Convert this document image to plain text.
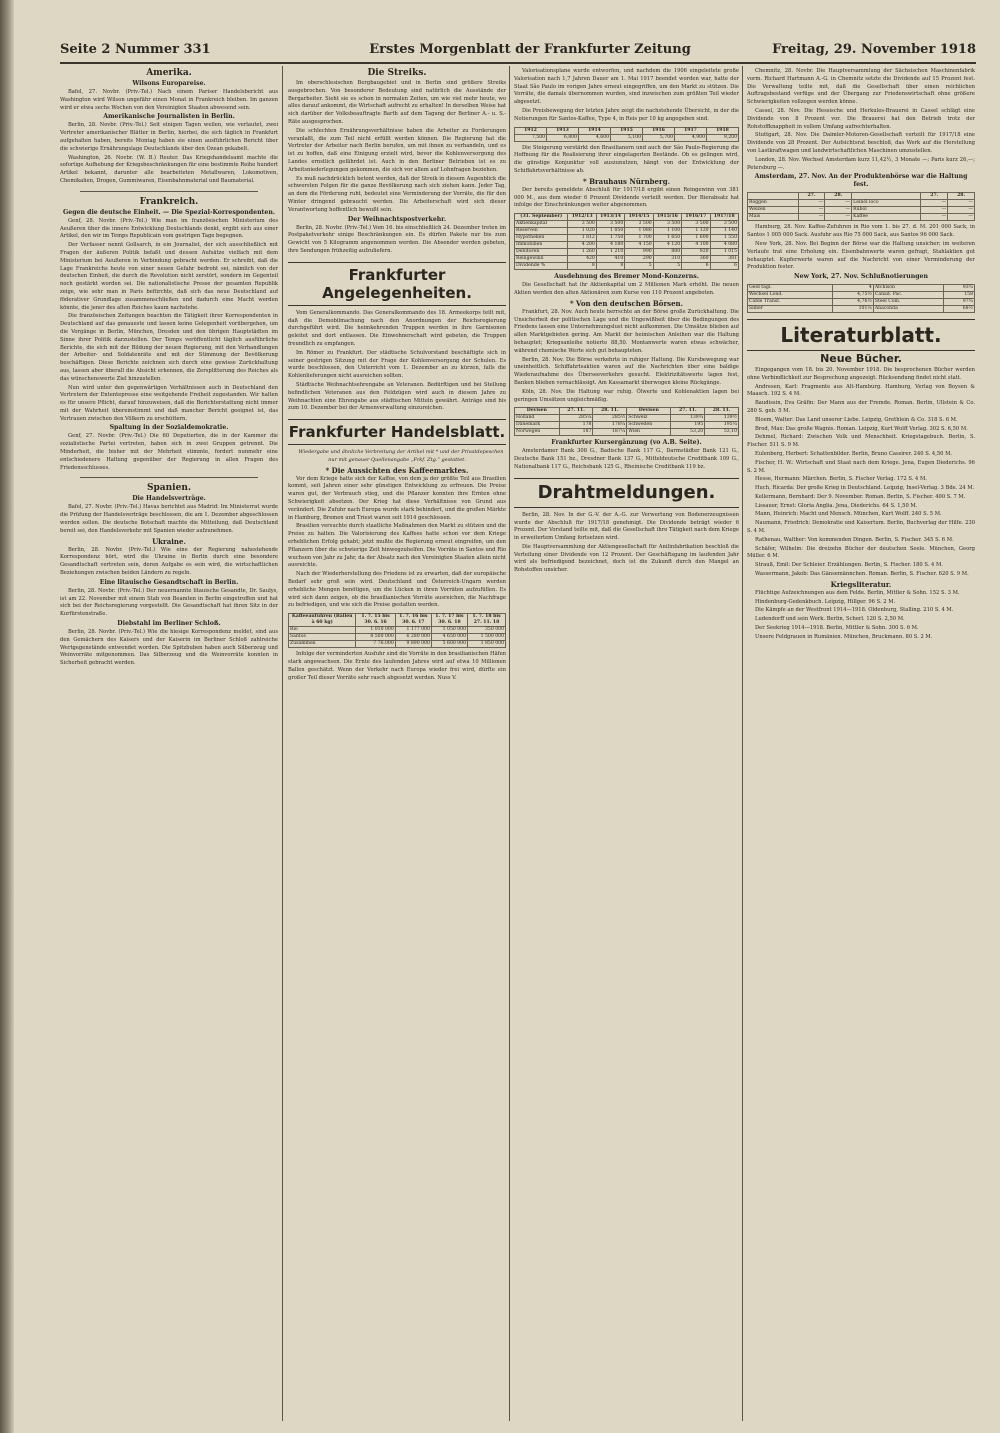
Seite 2 Nummer 331	Erstes Morgenblatt der Frankfurter Zeitung	Freitag, 29. November 1918

Amerika.

Wilsons Europareise.

Bafel, 27. Novbr. (Priv.-Tel.) Nach einem Pariser Handelsbericht aus Washington wird Wilson ungefähr einen Monat in Frankreich bleiben. Im ganzen wird er etwa sechs Wochen von den Vereinigten Staaten abwesend sein.

Amerikanische Journalisten in Berlin.

Berlin, 28. Novbr. (Priv.-Tel.) Seit einigen Tagen weilen, wie verlautet, zwei Vertreter amerikanischer Blätter in Berlin, hierbei, die sich täglich in Frankfurt aufgehalten haben, bereits Montag haben sie einen ausführlichen Bericht über die schwierige Ernährungslage Deutschlands über den Ozean gekabelt.

Washington, 26. Novbr. (W. B.) Reuter. Das Kriegshandelsamt machte die sofortige Aufhebung der Kriegsbeschränkungen für eine bestimmte Reihe hundert Artikel bekannt, darunter alle bearbeiteten Metallwaren, Lokomotiven, Chemikalien, Drogen, Gummiwaren, Eisenbahnmaterial und Baumaterial.

Frankreich.

Gegen die deutsche Einheit. — Die Spezial-Korrespondenten.

Genf, 28. Novbr. (Priv.-Tel.) Wie man im französischen Ministerium des Aeußeren über die innere Entwicklung Deutschlands denkt, ergibt sich aus einer Artikel, den wir im Temps Republicain vom gestrigen Tage begegnen.

Der Verfasser nennt Gollsarch, in ein Journalist, der sich ausschließlich mit Fragen der äußeren Politik befaßt und dessen Aufsätze vielfach mit dem Ministerium bei Aeußeren in Verbindung gebracht werden. Er schreibt, daß die Lage Frankreichs heute von einer neuen Gefahr bedroht sei, nämlich von der deutschen Einheit, die durch die Revolution nicht zerstört, sondern im Gegenteil noch gestärkt worden sei. Die nationalistische Presse der gesamten Republik zeige, wie sehr man in Paris befürchte, daß sich das neue Deutschland auf föderativer Grundlage zusammenschließen und dadurch eine Macht werden könnte, die jener des alten Reiches kaum nachstehe.

Die französischen Zeitungen beachten die Tätigkeit ihrer Korrespondenten in Deutschland auf das genaueste und lassen keine Gelegenheit vorübergehen, um die Vorgänge in Berlin, München, Dresden und den übrigen Hauptstädten im Sinne ihrer Politik darzustellen. Der Temps veröffentlicht täglich ausführliche Berichte, die sich mit der Bildung der neuen Regierung, mit den Verhandlungen der Arbeiter- und Soldatenräte und mit der Stimmung der Bevölkerung beschäftigen. Diese Berichte zeichnen sich durch eine gewisse Zurückhaltung aus, lassen aber überall die Absicht erkennen, die Zersplitterung des Reiches als das wünschenswerte Ziel hinzustellen.

Nun wird unter den gegenwärtigen Verhältnissen auch in Deutschland den Vertretern der Ententepresse eine weitgehende Freiheit zugestanden. Wir halten es für unsere Pflicht, darauf hinzuweisen, daß die Berichterstattung nicht immer mit der Wahrheit übereinstimmt und daß mancher Bericht geeignet ist, das Vertrauen zwischen den Völkern zu erschüttern.

Spaltung in der Sozialdemokratie.

Genf, 27. Novbr. (Priv.-Tel.) Die 60 Deputierten, die in der Kammer die sozialistische Partei vertreten, haben sich in zwei Gruppen getrennt. Die Minderheit, die bisher mit der Mehrheit stimmte, fordert nunmehr eine entschiedenere Haltung gegenüber der Regierung in allen Fragen des Friedensschlusses.

Spanien.

Die Handelsverträge.

Bafel, 27. Novbr. (Priv.-Tel.) Havas berichtet aus Madrid: Im Ministerrat wurde die Prüfung der Handelsverträge beschlossen, die am 1. Dezember abgeschlossen werden sollen. Die deutsche Botschaft machte die Mitteilung, daß Deutschland bereit sei, den Handelsverkehr mit Spanien wieder aufzunehmen.

Ukraine.

Berlin, 28. Novbr. (Priv.-Tel.) Wie eine der Regierung nahestehende Korrespondenz hört, wird die Ukraine in Berlin durch eine besondere Gesandtschaft vertreten sein, deren Aufgabe es sein wird, die wirtschaftlichen Beziehungen zwischen beiden Ländern zu regeln.

Eine litauische Gesandtschaft in Berlin.

Berlin, 28. Novbr. (Priv.-Tel.) Der neuernannte litauische Gesandte, Dr. Saulys, ist am 22. November mit einem Stab von Beamten in Berlin eingetroffen und hat sich bei der Reichsregierung vorgestellt. Die Gesandtschaft hat ihren Sitz in der Kurfürstenstraße.

Diebstahl im Berliner Schloß.

Berlin, 28. Novbr. (Priv.-Tel.) Wie die hiesige Korrespondenz meldet, sind aus den Gemächern des Kaisers und der Kaiserin im Berliner Schloß zahlreiche Wertgegenstände entwendet worden. Die Spitzbuben haben auch Silberzeug und Weinvorräte mitgenommen. Das Silberzeug und die Weinvorräte konnten in Sicherheit gebracht werden.

Die Streiks.

Im oberschlesischen Bergbaugebiet und in Berlin sind größere Streiks ausgebrochen. Von besonderer Bedeutung sind natürlich die Ausstände der Bergarbeiter. Sieht sie es schon in normalen Zeiten, um wie viel mehr heute, wo alles darauf ankommt, die Wirtschaft aufrecht zu erhalten! In derselben Weise hat sich darüber der Volksbeauftragte Barth auf dem Tagung der Berliner A.- u. S.-Räte ausgesprochen.

Die schlechten Ernährungsverhältnisse haben die Arbeiter zu Forderungen veranlaßt, die zum Teil nicht erfüllt werden können. Die Regierung hat die Vertreter der Arbeiter nach Berlin berufen, um mit ihnen zu verhandeln, und es ist zu hoffen, daß eine Einigung erzielt wird, bevor die Kohlenversorgung des Landes ernstlich gefährdet ist. Auch in den Berliner Betrieben ist es zu Arbeitsniederlegungen gekommen, die sich vor allem auf Lohnfragen beziehen.

Es muß nachdrücklich betont werden, daß der Streik in diesem Augenblick die schwersten Folgen für die ganze Bevölkerung nach sich ziehen kann. Jeder Tag, an dem die Förderung ruht, bedeutet eine Verminderung der Vorräte, die für den Winter dringend gebraucht werden. Die Arbeiterschaft wird sich dieser Verantwortung hoffentlich bewußt sein.

Der Weihnachtspostverkehr.

Berlin, 28. Novbr. (Priv.-Tel.) Vom 16. bis einschließlich 24. Dezember treten im Postpaketverkehr einige Beschränkungen ein. Es dürfen Pakete nur bis zum Gewicht von 5 Kilogramm angenommen werden. Die Absender werden gebeten, ihre Sendungen frühzeitig aufzuliefern.

Frankfurter Angelegenheiten.

Vom Generalkommando. Das Generalkommando des 18. Armeekorps teilt mit, daß die Demobilmachung nach den Anordnungen der Reichsregierung durchgeführt wird. Die heimkehrenden Truppen werden in ihre Garnisonen geleitet und dort entlassen. Die Einwohnerschaft wird gebeten, die Truppen freundlich zu empfangen.

Im Römer zu Frankfurt. Der städtische Schulvorstand beschäftigte sich in seiner gestrigen Sitzung mit der Frage der Kohlenversorgung der Schulen. Es wurde beschlossen, den Unterricht vom 1. Dezember an zu kürzen, falls die Kohlenlieferungen nicht ausreichen sollten.

Städtische Weihnachtsehrengabe an Veteranen. Bedürftigen und bei Stellung befindlichen Veteranen aus den Feldzügen wird auch in diesem Jahre zu Weihnachten eine Ehrengabe aus städtischen Mitteln gewährt. Anträge sind bis zum 10. Dezember bei der Armenverwaltung einzureichen.

Frankfurter Handelsblatt.

Wiedergabe und ähnliche Verbreitung der Artikel mit * und der Privatdepeschen nur mit genauer Quellenangabe „Frkf. Ztg.“ gestattet.

* Die Aussichten des Kaffeemarktes.

Vor dem Kriege hatte sich der Kaffee, von dem ja der größte Teil aus Brasilien kommt, seit Jahren einer sehr günstigen Entwicklung zu erfreuen. Die Preise waren gut, der Verbrauch stieg, und die Pflanzer konnten ihre Ernten ohne Schwierigkeit absetzen. Der Krieg hat diese Verhältnisse von Grund aus verändert. Die Zufuhr nach Europa wurde stark behindert, und die großen Märkte in Hamburg, Bremen und Triest waren seit 1914 geschlossen.

Brasilien versuchte durch staatliche Maßnahmen den Markt zu stützen und die Preise zu halten. Die Valorisierung des Kaffees hatte schon vor dem Kriege erheblichen Erfolg gehabt; jetzt mußte die Regierung erneut eingreifen, um den Pflanzern über die schwierige Zeit hinwegzuhelfen. Die Vorräte in Santos und Rio wuchsen von Jahr zu Jahr, da der Absatz nach den Vereinigten Staaten allein nicht ausreichte.

Nach der Wiederherstellung des Friedens ist zu erwarten, daß der europäische Bedarf sehr groß sein wird. Deutschland und Österreich-Ungarn werden erhebliche Mengen benötigen, um die Lücken in ihren Vorräten aufzufüllen. Es wird sich dann zeigen, ob die brasilianischen Vorräte ausreichen, die Nachfrage zu befriedigen, und wie sich die Preise gestalten werden.

Kaffeeaufuhren (Ballen à 60 kg)	1. 7. 15 bis 30. 6. 16	1. 7. 16 bis 30. 6. 17	1. 7. 17 bis 30. 6. 18	1. 7. 18 bis 27. 11. 18
Rio	1 010 000	1 177 000	1 050 000	350 000
Santos	8 500 000	6 280 000	4 650 000	1 500 000
Zusammen	7 76.000	9 890 000	5 600 000	1 850 000

Infolge der verminderten Ausfuhr sind die Vorräte in den brasilianischen Häfen stark angewachsen. Die Ernte des laufenden Jahres wird auf etwa 10 Millionen Ballen geschätzt. Wenn der Verkehr nach Europa wieder frei wird, dürfte ein großer Teil dieser Vorräte sehr rasch abgesetzt werden. Nuss V.

Valorisationsplane wurde entworfen, und nachdem die 1906 eingeleitete große Valorisation nach 1,7 Jahren Dauer am 1. Mai 1917 beendet worden war, hatte der Staat São Paulo im vorigen Jahre erneut eingegriffen, um den Markt zu stützen. Die Vorräte, die damals übernommen wurden, sind inzwischen zum größten Teil wieder abgesetzt.

Die Preisbewegung der letzten Jahre zeigt die nachstehende Übersicht, in der die Notierungen für Santos-Kaffee, Type 4, in Reis per 10 kg angegeben sind.

1912	1913	1914	1915	1916	1917	1918
7,500	6,800	4,600	5,100	5,700	4,900	9,200

Die Steigerung verstärkt den Brasilianern und auch der São Paulo-Regierung die Hoffnung für die Realisierung ihrer eingelagerten Bestände. Ob es gelingen wird, die günstige Konjunktur voll auszunutzen, hängt von der Entwicklung der Schiffahrtsverhältnisse ab.

* Brauhaus Nürnberg.

Der bereits gemeldete Abschluß für 1917/18 ergibt einen Reingewinn von 381 000 M., aus dem wieder 6 Prozent Dividende verteilt werden. Der Bierabsatz hat infolge der Einschränkungen weiter abgenommen.

(31. September)	1912/13	1913/14	1914/15	1915/16	1916/17	1917/18
Aktienkapital	3 500	3 500	3 500	3 500	3 500	3 500
Reserven	1 020	1 050	1 080	1 100	1 120	1 140
Hypotheken	1 812	1 750	1 700	1 650	1 600	1 550
Immobilien	4 200	4 180	4 150	4 120	4 100	4 080
Debitoren	1 260	1 210	990	880	920	1 015
Reingewinn	420	410	290	310	360	381
Dividende %	8	8	5	5	6	6

Ausdehnung des Bremer Mond-Konzerns.

Die Gesellschaft hat ihr Aktienkapital um 2 Millionen Mark erhöht. Die neuen Aktien werden den alten Aktionären zum Kurse von 110 Prozent angeboten.

* Von den deutschen Börsen.

Frankfurt, 28. Nov. Auch heute herrschte an der Börse große Zurückhaltung. Die Unsicherheit der politischen Lage und die Ungewißheit über die Bedingungen des Friedens lassen eine Unternehmungslust nicht aufkommen. Die Umsätze blieben auf allen Marktgebieten gering. Am Markt der heimischen Anleihen war die Haltung behauptet; Kriegsanleihe notierte 88,50. Montanwerte waren etwas schwächer, während chemische Werte sich gut behaupteten.

Berlin, 28. Nov. Die Börse verkehrte in ruhiger Haltung. Die Kursbewegung war uneinheitlich. Schiffahrtsaktien waren auf die Nachrichten über eine baldige Wiederaufnahme des Überseeverkehrs gesucht. Elektrizitätswerte lagen fest, Banken blieben vernachlässigt. Am Kassamarkt überwogen kleine Rückgänge.

Köln, 28. Nov. Die Haltung war ruhig. Ölwerte und Kohlenaktien lagen bei geringen Umsätzen ungleichmäßig.

Devisen	27. 11.	28. 11.	Devisen	27. 11.	28. 11.
Holland	285¼	285½	Schweiz	139¾	139½
Dänemark	178	178¼	Schweden	195	195¼
Norwegen	187	187¼	Wien	53,20	53,10

Frankfurter Kursergänzung (vo A.B. Seite).

Amsterdamer Bank 308 G., Badische Bank 117 G., Darmstädter Bank 121 G., Deutsche Bank 151 bz., Dresdner Bank 137 G., Mitteldeutsche Creditbank 109 G., Nationalbank 117 G., Reichsbank 125 G., Rheinische Creditbank 119 bz.

Drahtmeldungen.

Berlin, 28. Nov. In der G.-V. der A.-G. zur Verwertung von Bodenerzeugnissen wurde der Abschluß für 1917/18 genehmigt. Die Dividende beträgt wieder 6 Prozent. Der Vorstand teilte mit, daß die Gesellschaft ihre Tätigkeit nach dem Kriege in erweitertem Umfang fortsetzen wird.

Die Hauptversammlung der Aktiengesellschaft für Anilinfabrikation beschloß die Verteilung einer Dividende von 12 Prozent. Der Geschäftsgang im laufenden Jahr wird als befriedigend bezeichnet, doch ist die Zukunft durch den Mangel an Rohstoffen unsicher.

Chemnitz, 28. Novbr. Die Hauptversammlung der Sächsischen Maschinenfabrik vorm. Richard Hartmann A.-G. in Chemnitz setzte die Dividende auf 15 Prozent fest. Die Verwaltung teilte mit, daß die Gesellschaft über einen reichlichen Auftragsbestand verfüge und der Übergang zur Friedenswirtschaft ohne größere Schwierigkeiten vollzogen werden könne.

Cassel, 28. Nov. Die Hessische und Herkules-Brauerei in Cassel schlägt eine Dividende von 8 Prozent vor. Die Brauerei hat den Betrieb trotz der Rohstoffknappheit in vollem Umfang aufrechterhalten.

Stuttgart, 28. Nov. Die Daimler-Motoren-Gesellschaft verteilt für 1917/18 eine Dividende von 28 Prozent. Der Aufsichtsrat beschloß, das Werk auf die Herstellung von Lastkraftwagen und landwirtschaftlichen Maschinen umzustellen.

London, 28. Nov. Wechsel Amsterdam kurz 11,42½, 3 Monate —; Paris kurz 26,—; Petersburg —.

Amsterdam, 27. Nov. An der Produktenbörse war die Haltung fest.

	27.	28.		27.	28.
Roggen	—	—	Leinöl loco	—	—
Weizen	—	—	Rüböl	—	—
Mais	—	—	Kaffee	—	—

Hamburg, 28. Nov. Kaffee-Zufuhren in Rio vom 1. bis 27. d. M. 201 000 Sack, in Santos 1 005 000 Sack. Ausfuhr aus Rio 75 000 Sack, aus Santos 96 000 Sack.

New York, 28. Nov. Bei Beginn der Börse war die Haltung unsicher; im weiteren Verlaufe trat eine Erholung ein. Eisenbahnwerte waren gefragt, Stahlaktien gut behauptet. Kupferwerte waren auf die Nachricht von einer Verminderung der Produktion fester.

New York, 27. Nov. Schlußnotierungen

Geld tägl.	4	Atchison	93¾
Wechsel Lond.	4,75½	Canad. Pac.	158
Cable Transf.	4,76½	Steel Com.	97¾
Silber	101⅛	Anaconda	68½
Literaturblatt.
Neue Bücher.

Eingegangen vom 18. bis 20. November 1918. Die besprochenen Bücher werden ohne Verbindlichkeit zur Besprechung angezeigt. Rücksendung findet nicht statt.

Andresen, Karl: Fragmente aus Alt-Hamburg. Hamburg, Verlag von Boysen & Maasch. 192 S. 4 M.

Baudissin, Eva Gräfin: Der Mann aus der Fremde. Roman. Berlin, Ullstein & Co. 280 S. geb. 5 M.

Bloem, Walter: Das Land unserer Liebe. Leipzig, Grethlein & Co. 318 S. 6 M.

Brod, Max: Das große Wagnis. Roman. Leipzig, Kurt Wolff Verlag. 302 S. 6,50 M.

Dehmel, Richard: Zwischen Volk und Menschheit. Kriegstagebuch. Berlin, S. Fischer. 511 S. 9 M.

Eulenberg, Herbert: Schattenbilder. Berlin, Bruno Cassirer. 240 S. 4,50 M.

Fischer, H. W.: Wirtschaft und Staat nach dem Kriege. Jena, Eugen Diederichs. 96 S. 2 M.

Hesse, Hermann: Märchen. Berlin, S. Fischer Verlag. 172 S. 4 M.

Huch, Ricarda: Der große Krieg in Deutschland. Leipzig, Insel-Verlag. 3 Bde. 24 M.

Kellermann, Bernhard: Der 9. November. Roman. Berlin, S. Fischer. 400 S. 7 M.

Lissauer, Ernst: Gloria Anglia. Jena, Diederichs. 64 S. 1,50 M.

Mann, Heinrich: Macht und Mensch. München, Kurt Wolff. 240 S. 5 M.

Naumann, Friedrich: Demokratie und Kaisertum. Berlin, Buchverlag der Hilfe. 230 S. 4 M.

Rathenau, Walther: Von kommenden Dingen. Berlin, S. Fischer. 345 S. 6 M.

Schäfer, Wilhelm: Die dreizehn Bücher der deutschen Seele. München, Georg Müller. 6 M.

Strauß, Emil: Der Schleier. Erzählungen. Berlin, S. Fischer. 180 S. 4 M.

Wassermann, Jakob: Das Gänsemännchen. Roman. Berlin, S. Fischer. 620 S. 9 M.

Kriegsliteratur.

Flüchtige Aufzeichnungen aus dem Felde. Berlin, Mittler & Sohn. 152 S. 3 M.

Hindenburg-Gedenkbuch. Leipzig, Hillger. 96 S. 2 M.

Die Kämpfe an der Westfront 1914—1918. Oldenburg, Stalling. 210 S. 4 M.

Ludendorff und sein Werk. Berlin, Scherl. 120 S. 2,50 M.

Der Seekrieg 1914—1918. Berlin, Mittler & Sohn. 300 S. 6 M.

Unsere Feldgrauen in Rumänien. München, Bruckmann. 80 S. 2 M.
